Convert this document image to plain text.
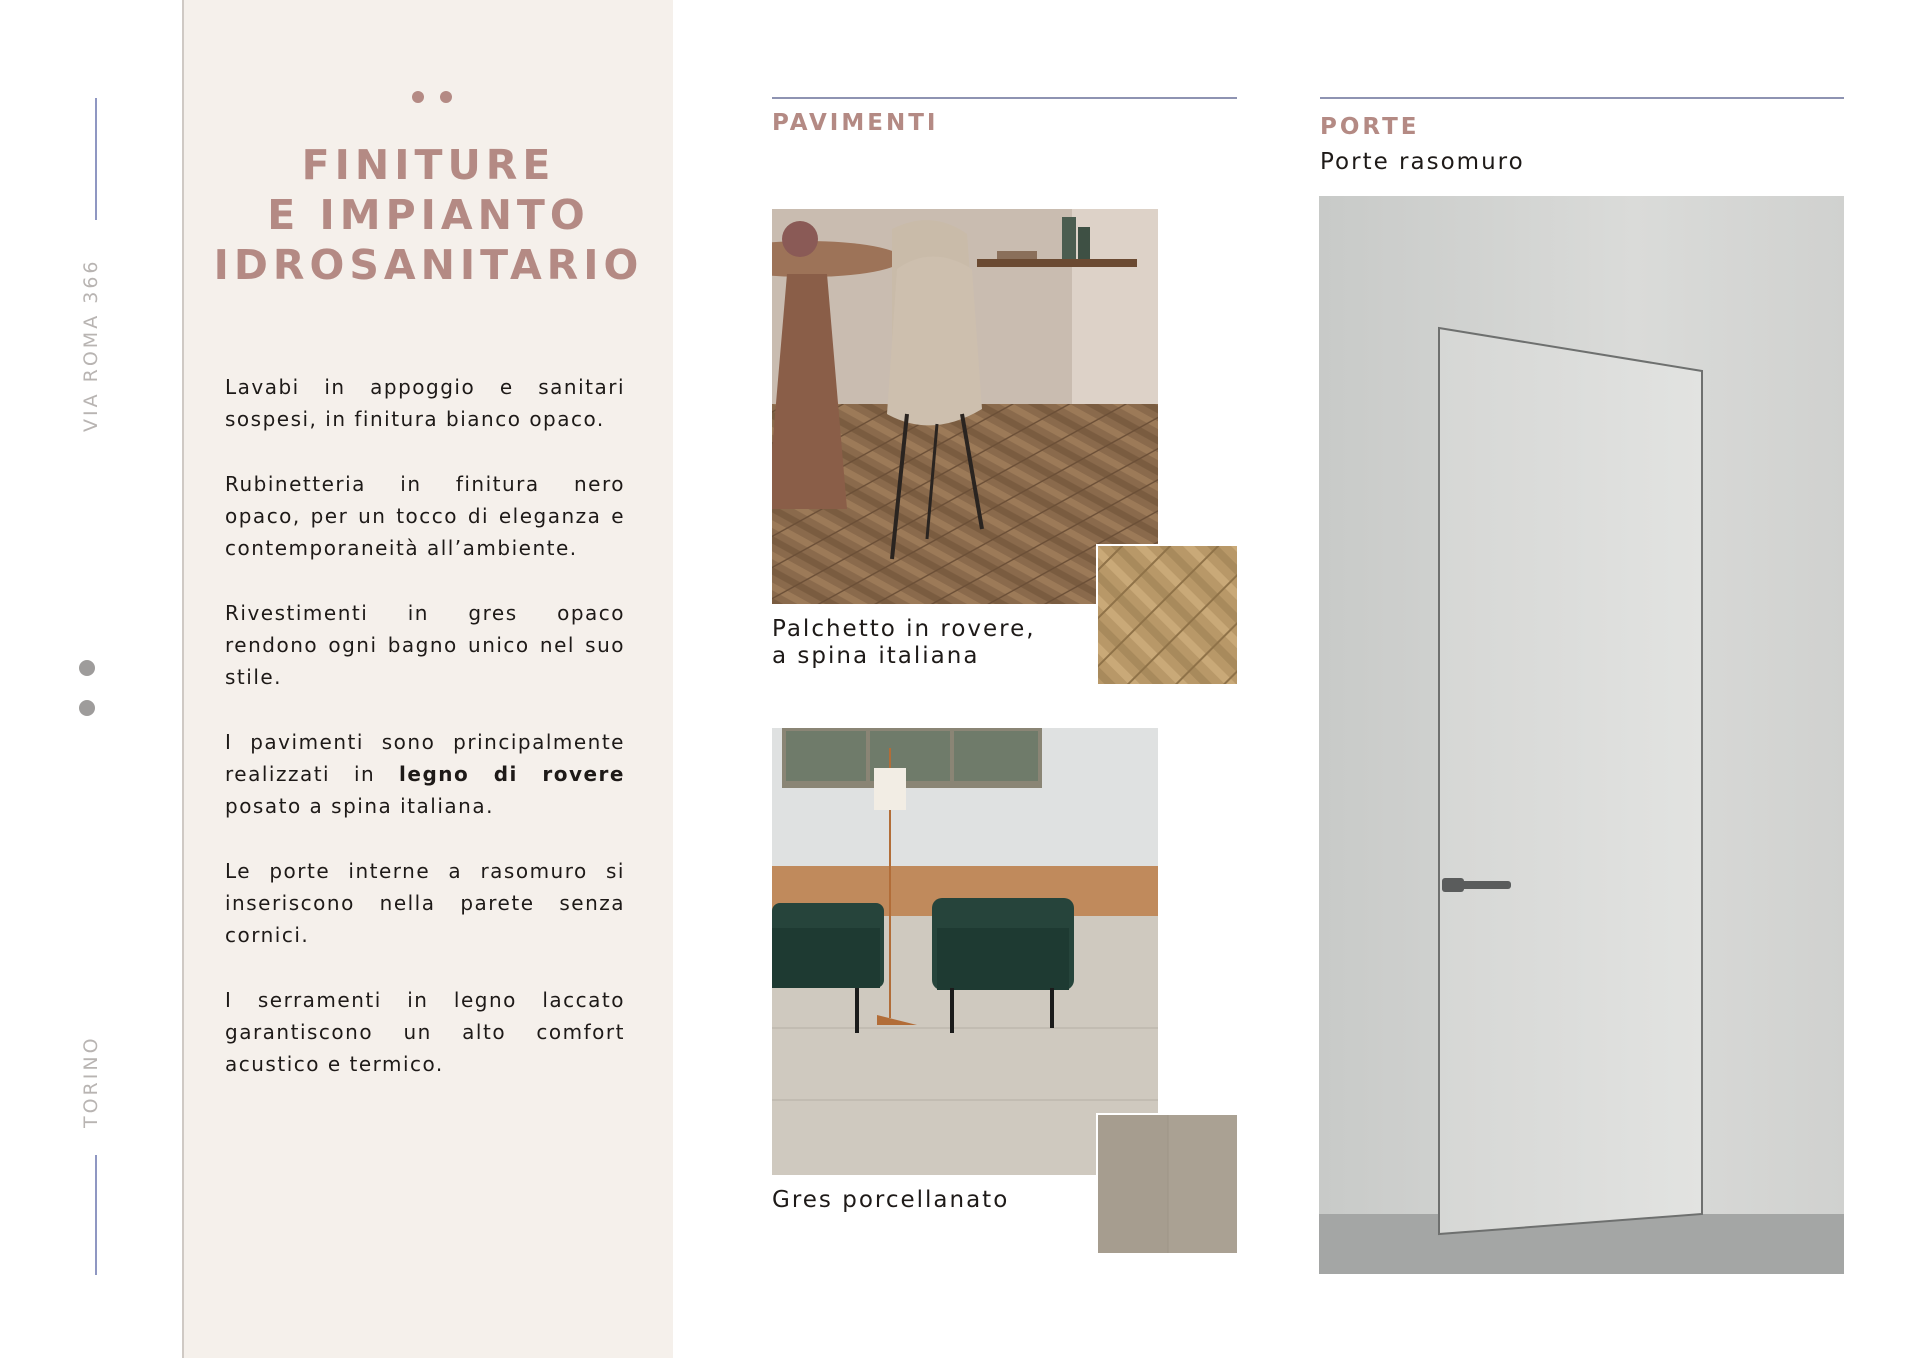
VIA ROMA 366
TORINO
FINITURE
E IMPIANTO
IDROSANITARIO
Lavabi in appoggio e sanitari sospesi, in finitura bianco opaco.
Rubinetteria in finitura nero opaco, per un tocco di eleganza e contemporaneità all’ambiente.
Rivestimenti in gres opaco rendono ogni bagno unico nel suo stile.
I pavimenti sono principalmente realizzati in legno di rovere posato a spina italiana.
Le porte interne a rasomuro si inseriscono nella parete senza cornici.
I serramenti in legno laccato garantiscono un alto comfort acustico e termico.
PAVIMENTI
Palchetto in rovere,
a spina italiana
Gres porcellanato
PORTE
Porte rasomuro
